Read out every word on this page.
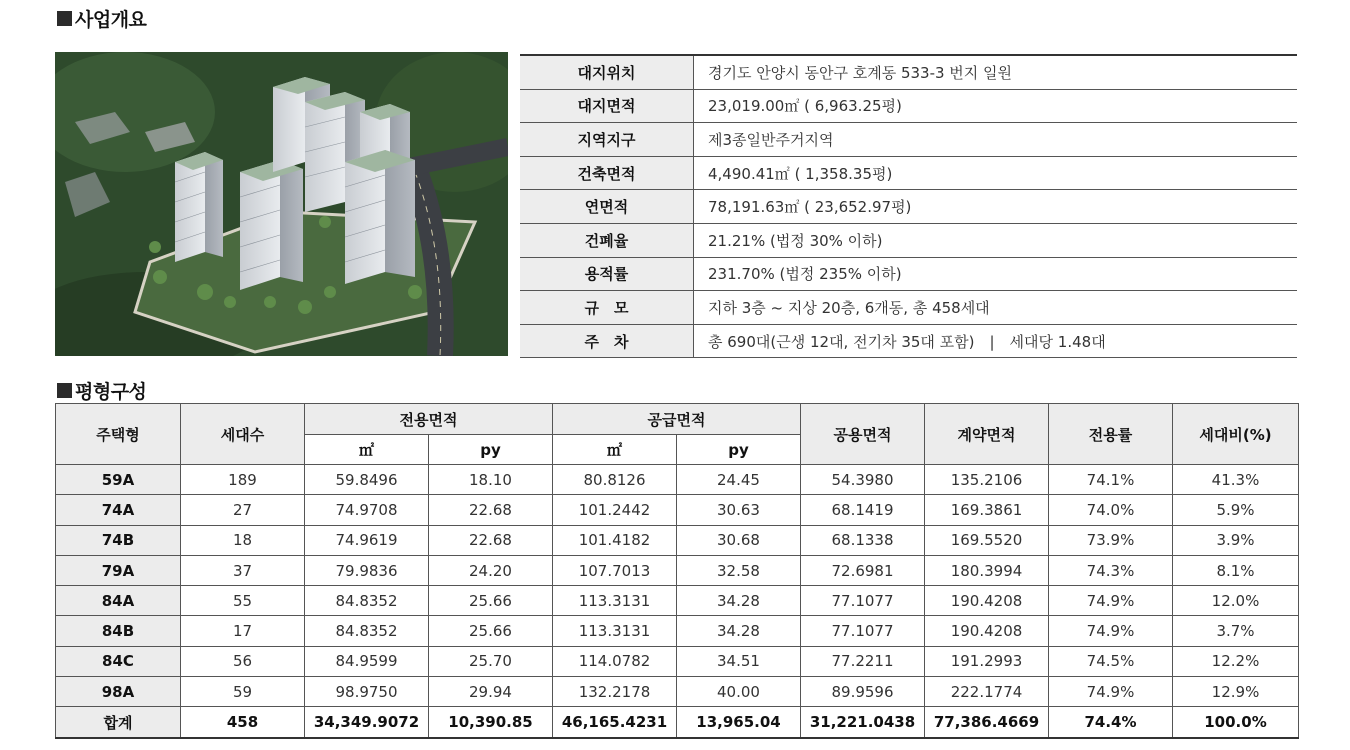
사업개요
대지위치	경기도 안양시 동안구 호계동 533-3 번지 일원
대지면적	23,019.00㎡ ( 6,963.25평)
지역지구	제3종일반주거지역
건축면적	4,490.41㎡ ( 1,358.35평)
연면적	78,191.63㎡ ( 23,652.97평)
건폐율	21.21% (법정 30% 이하)
용적률	231.70% (법정 235% 이하)
규　모	지하 3층 ~ 지상 20층, 6개동, 총 458세대
주　차	총 690대(근생 12대, 전기차 35대 포함)　|　세대당 1.48대
평형구성
주택형	세대수	전용면적		공급면적		공용면적	계약면적	전용률	세대비(%)
		㎡	py	㎡	py				
59A	189	59.8496	18.10	80.8126	24.45	54.3980	135.2106	74.1%	41.3%
74A	27	74.9708	22.68	101.2442	30.63	68.1419	169.3861	74.0%	5.9%
74B	18	74.9619	22.68	101.4182	30.68	68.1338	169.5520	73.9%	3.9%
79A	37	79.9836	24.20	107.7013	32.58	72.6981	180.3994	74.3%	8.1%
84A	55	84.8352	25.66	113.3131	34.28	77.1077	190.4208	74.9%	12.0%
84B	17	84.8352	25.66	113.3131	34.28	77.1077	190.4208	74.9%	3.7%
84C	56	84.9599	25.70	114.0782	34.51	77.2211	191.2993	74.5%	12.2%
98A	59	98.9750	29.94	132.2178	40.00	89.9596	222.1774	74.9%	12.9%
합계	458	34,349.9072	10,390.85	46,165.4231	13,965.04	31,221.0438	77,386.4669	74.4%	100.0%
